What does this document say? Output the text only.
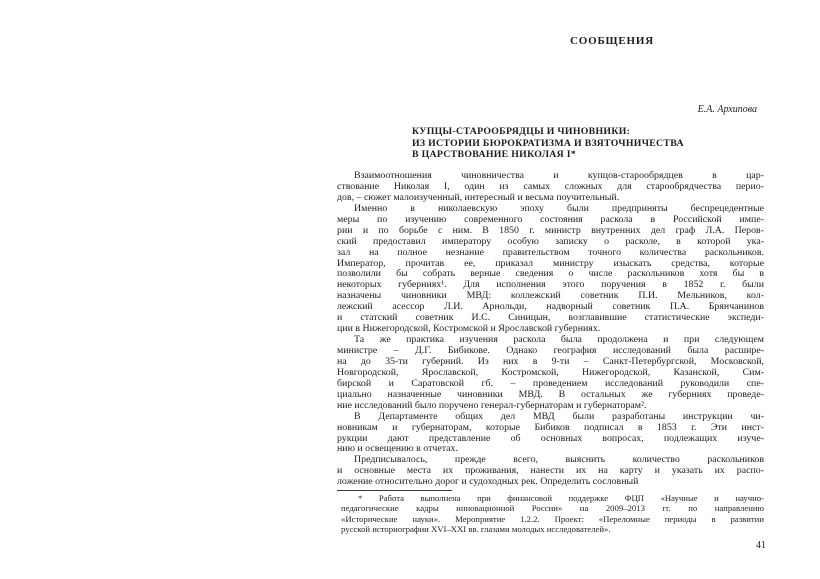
СООБЩЕНИЯ
Е.А. Архипова
КУПЦЫ-СТАРООБРЯДЦЫ И ЧИНОВНИКИ:
ИЗ ИСТОРИИ БЮРОКРАТИЗМА И ВЗЯТОЧНИЧЕСТВА
В ЦАРСТВОВАНИЕ НИКОЛАЯ I*
Взаимоотношения чиновничества и купцов-старообрядцев в цар-
ствование Николая I, один из самых сложных для старообрядчества перио-
дов, – сюжет малоизученный, интересный и весьма поучительный.
Именно в николаевскую эпоху были предприняты беспрецедентные
меры по изучению современного состояния раскола в Российской импе-
рии и по борьбе с ним. В 1850 г. министр внутренних дел граф Л.А. Перов-
ский предоставил императору особую записку о расколе, в которой ука-
зал на полное незнание правительством точного количества раскольников.
Император, прочитав ее, приказал министру изыскать средства, которые
позволили бы собрать верные сведения о числе раскольников хотя бы в
некоторых губерниях¹. Для исполнения этого поручения в 1852 г. были
назначены чиновники МВД: коллежский советник П.И. Мельников, кол-
лежский асессор Л.И. Арнольди, надворный советник П.А. Брянчанинов
и статский советник И.С. Синицын, возглавившие статистические экспеди-
ции в Нижегородской, Костромской и Ярославской губерниях.
Та же практика изучения раскола была продолжена и при следующем
министре – Д.Г. Бибикове. Однако география исследований была расшире-
на до 35-ти губерний. Из них в 9-ти – Санкт-Петербургской, Московской,
Новгородской, Ярославской, Костромской, Нижегородской, Казанской, Сим-
бирской и Саратовской гб. – проведением исследований руководили спе-
циально назначенные чиновники МВД. В остальных же губерниях проведе-
ние исследований было поручено генерал-губернаторам и губернаторам².
В Департаменте общих дел МВД были разработаны инструкции чи-
новникам и губернаторам, которые Бибиков подписал в 1853 г. Эти инст-
рукции дают представление об основных вопросах, подлежащих изуче-
нию и освещению в отчетах.
Предписывалось, прежде всего, выяснить количество раскольников
и основные места их проживания, нанести их на карту и указать их распо-
ложение относительно дорог и судоходных рек. Определить сословный
* Работа выполнена при финансовой поддержке ФЦП «Научные и научно-
педагогические кадры инновационной России» на 2009–2013 гг. по направлению
«Исторические науки». Мероприятие 1.2.2. Проект: «Переломные периоды в развитии
русской историографии XVI–XXI вв. глазами молодых исследователей».
41
